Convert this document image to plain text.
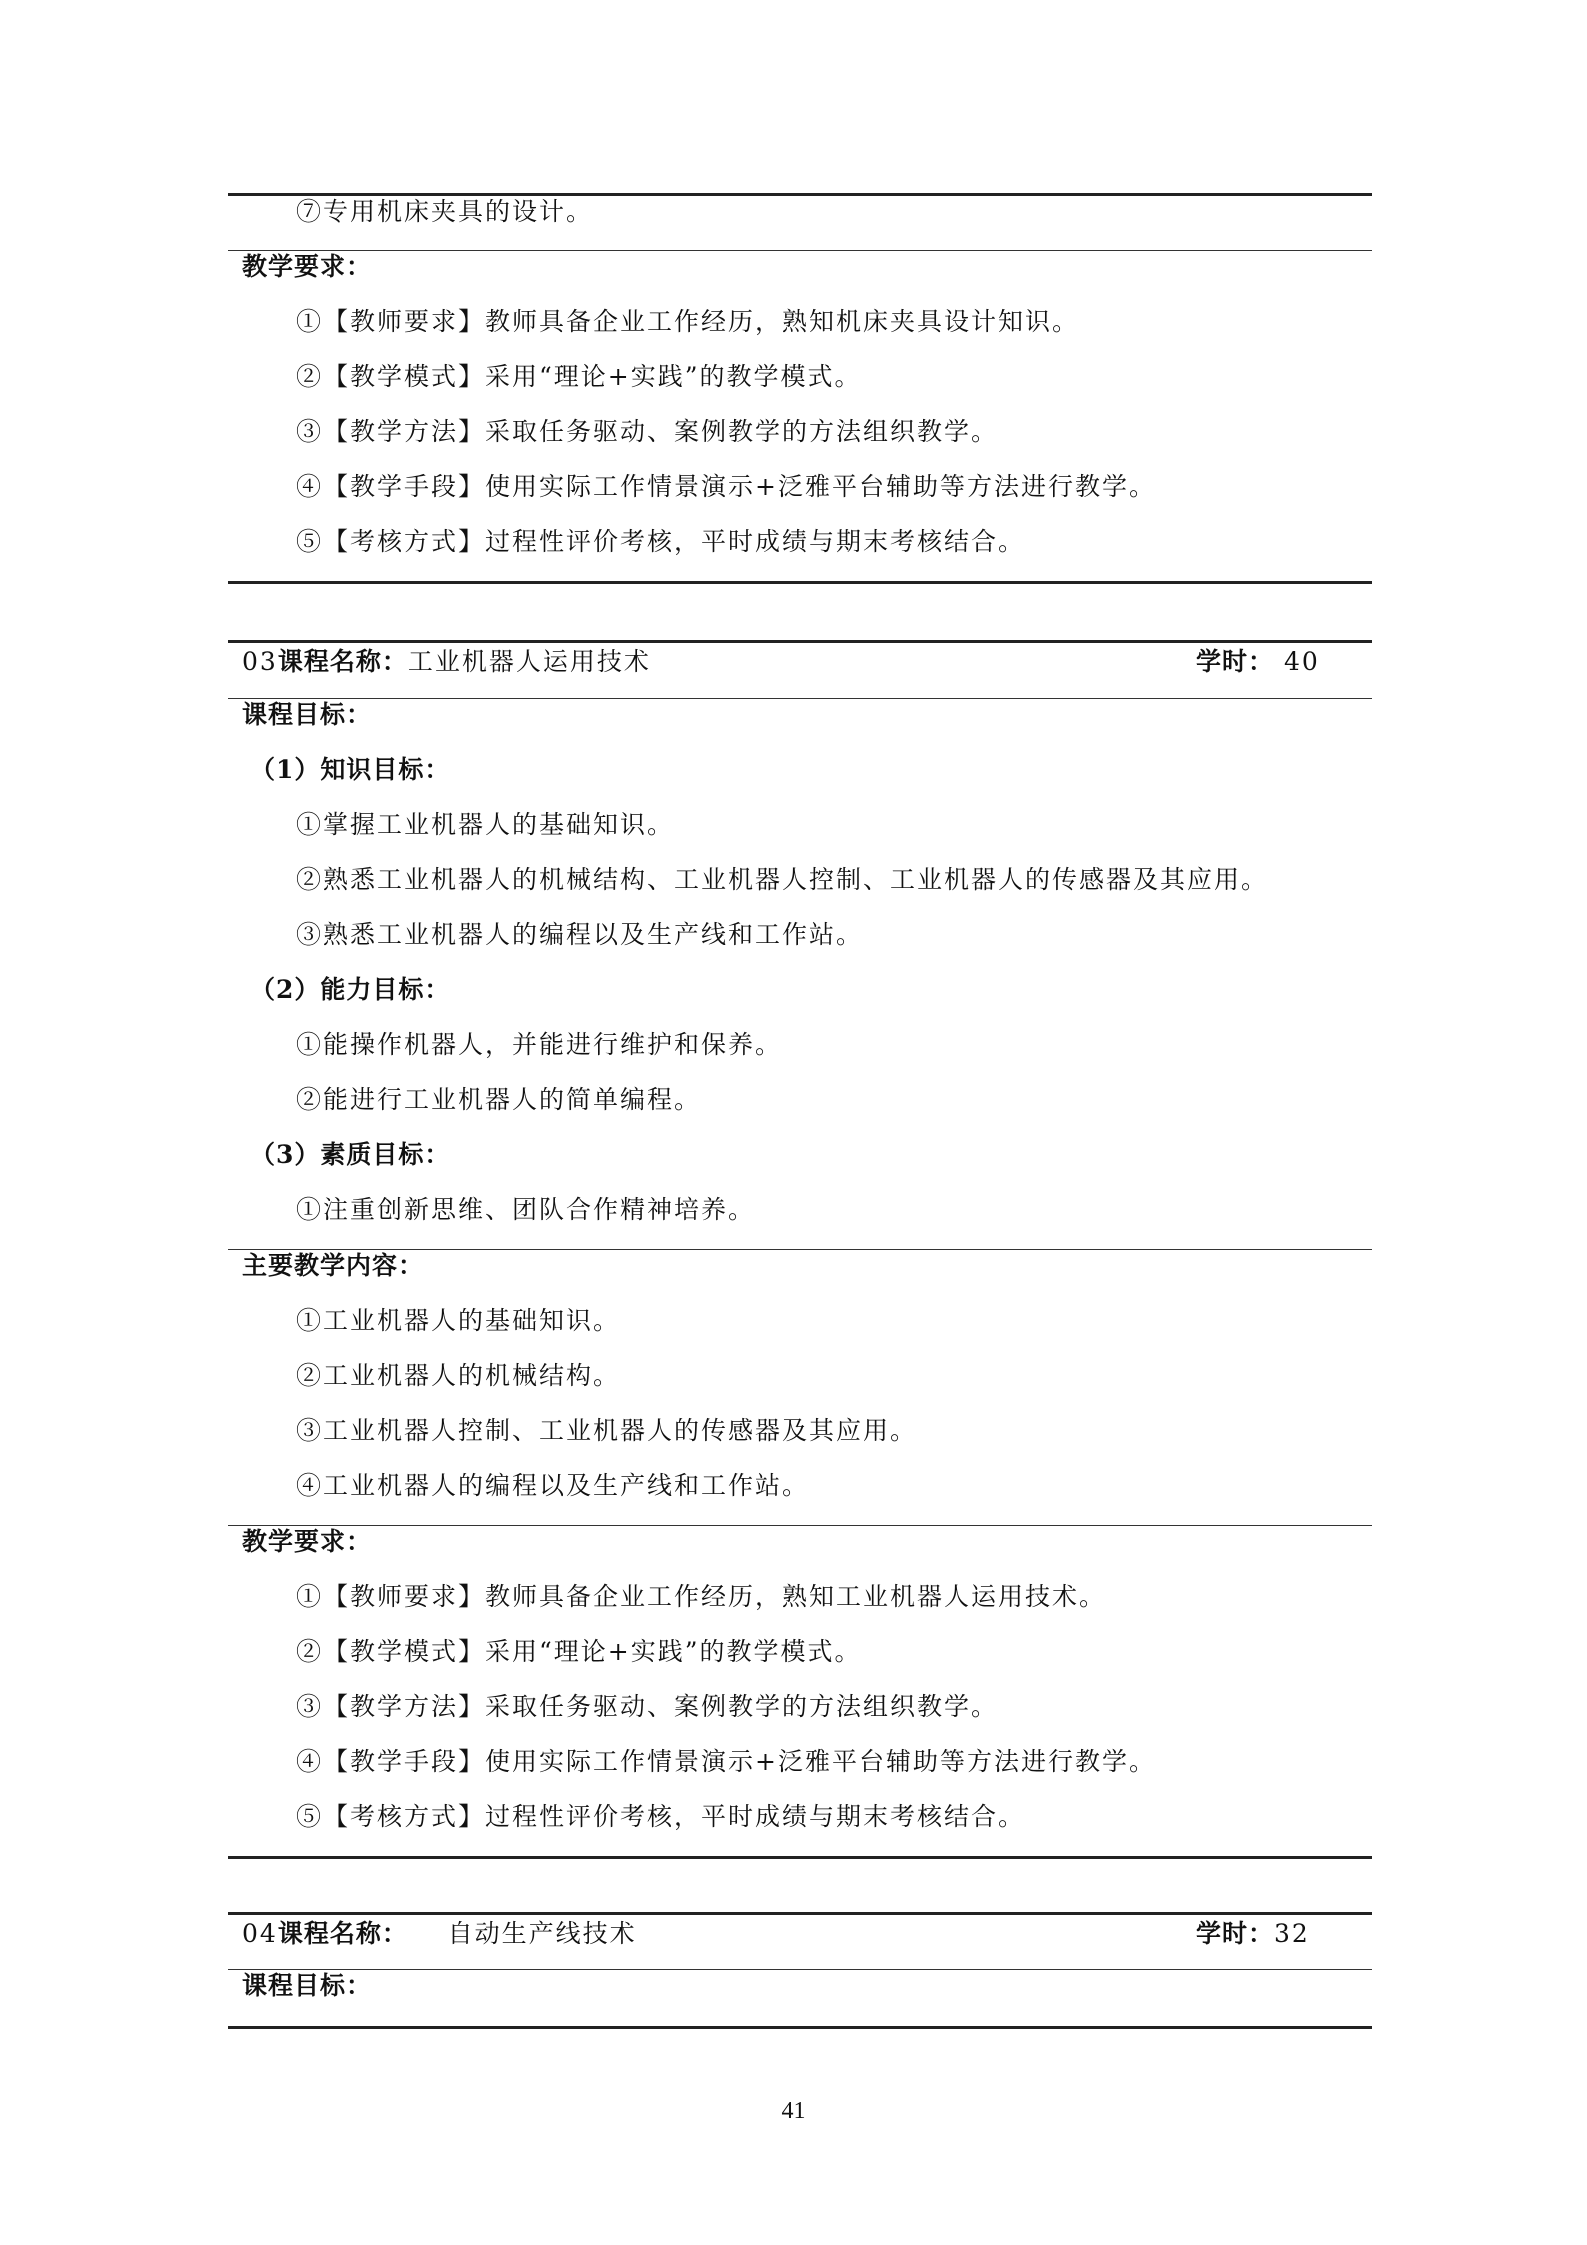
⑦专用机床夹具的设计。
教学要求：
①【教师要求】教师具备企业工作经历，熟知机床夹具设计知识。
②【教学模式】采用“理论+实践”的教学模式。
③【教学方法】采取任务驱动、案例教学的方法组织教学。
④【教学手段】使用实际工作情景演示+泛雅平台辅助等方法进行教学。
⑤【考核方式】过程性评价考核，平时成绩与期末考核结合。
03课程名称：工业机器人运用技术	学时： 40
课程目标：
（1）知识目标：
①掌握工业机器人的基础知识。
②熟悉工业机器人的机械结构、工业机器人控制、工业机器人的传感器及其应用。
③熟悉工业机器人的编程以及生产线和工作站。
（2）能力目标：
①能操作机器人，并能进行维护和保养。
②能进行工业机器人的简单编程。
（3）素质目标：
①注重创新思维、团队合作精神培养。
主要教学内容：
①工业机器人的基础知识。
②工业机器人的机械结构。
③工业机器人控制、工业机器人的传感器及其应用。
④工业机器人的编程以及生产线和工作站。
教学要求：
①【教师要求】教师具备企业工作经历，熟知工业机器人运用技术。
②【教学模式】采用“理论+实践”的教学模式。
③【教学方法】采取任务驱动、案例教学的方法组织教学。
④【教学手段】使用实际工作情景演示+泛雅平台辅助等方法进行教学。
⑤【考核方式】过程性评价考核，平时成绩与期末考核结合。
04课程名称： 自动生产线技术	学时：32
课程目标：
41
